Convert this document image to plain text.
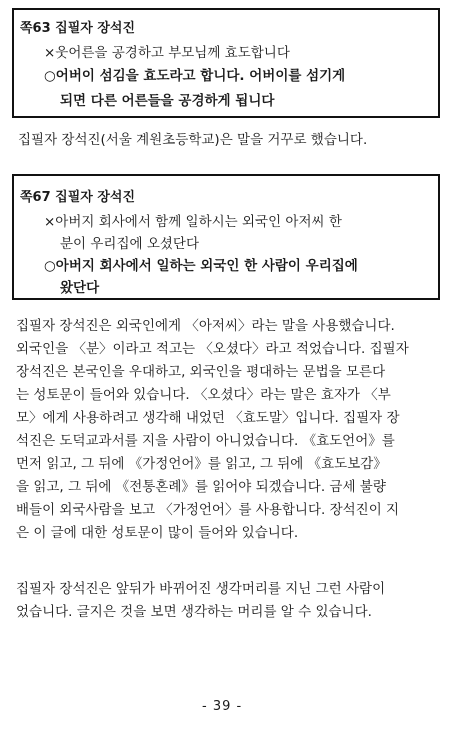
쪽63 집필자 장석진
×웃어른을 공경하고 부모님께 효도합니다
○어버이 섬김을 효도라고 합니다. 어버이를 섬기게
되면 다른 어른들을 공경하게 됩니다
집필자 장석진(서울 계원초등학교)은 말을 거꾸로 했습니다.
쪽67 집필자 장석진
×아버지 회사에서 함께 일하시는 외국인 아저씨 한
분이 우리집에 오셨단다
○아버지 회사에서 일하는 외국인 한 사람이 우리집에
왔단다
집필자 장석진은 외국인에게 〈아저씨〉라는 말을 사용했습니다.
외국인을 〈분〉이라고 적고는 〈오셨다〉라고 적었습니다. 집필자
장석진은 본국인을 우대하고, 외국인을 평대하는 문법을 모른다
는 성토문이 들어와 있습니다. 〈오셨다〉라는 말은 효자가 〈부
모〉에게 사용하려고 생각해 내었던 〈효도말〉입니다. 집필자 장
석진은 도덕교과서를 지을 사람이 아니었습니다. 《효도언어》를
먼저 읽고, 그 뒤에 《가정언어》를 읽고, 그 뒤에 《효도보감》
을 읽고, 그 뒤에 《전통혼례》를 읽어야 되겠습니다. 금세 불량
배들이 외국사람을 보고 〈가정언어〉를 사용합니다. 장석진이 지
은 이 글에 대한 성토문이 많이 들어와 있습니다.
집필자 장석진은 앞뒤가 바뀌어진 생각머리를 지닌 그런 사람이
었습니다. 글지은 것을 보면 생각하는 머리를 알 수 있습니다.
- 39 -
